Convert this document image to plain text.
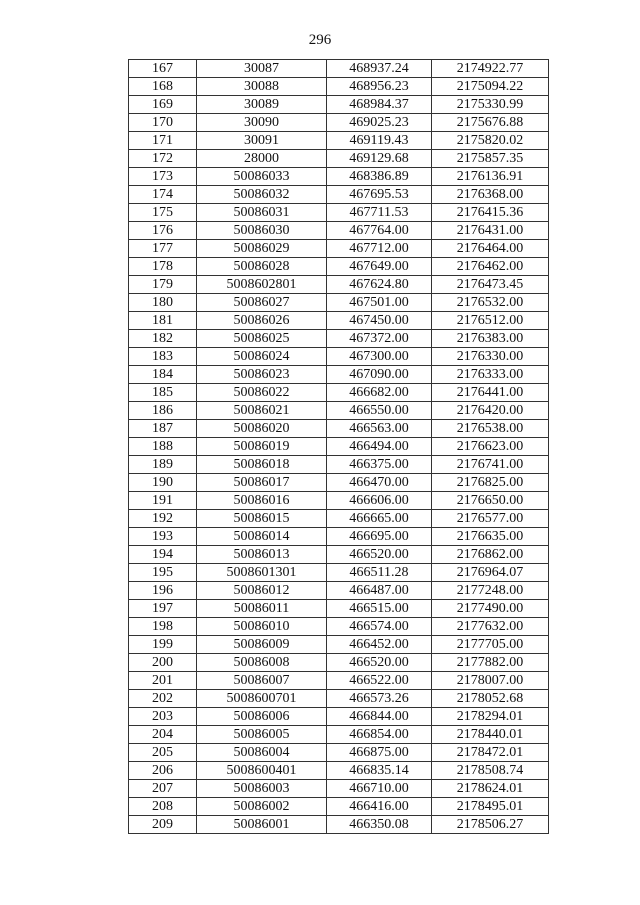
296
167	30087	468937.24	2174922.77
168	30088	468956.23	2175094.22
169	30089	468984.37	2175330.99
170	30090	469025.23	2175676.88
171	30091	469119.43	2175820.02
172	28000	469129.68	2175857.35
173	50086033	468386.89	2176136.91
174	50086032	467695.53	2176368.00
175	50086031	467711.53	2176415.36
176	50086030	467764.00	2176431.00
177	50086029	467712.00	2176464.00
178	50086028	467649.00	2176462.00
179	5008602801	467624.80	2176473.45
180	50086027	467501.00	2176532.00
181	50086026	467450.00	2176512.00
182	50086025	467372.00	2176383.00
183	50086024	467300.00	2176330.00
184	50086023	467090.00	2176333.00
185	50086022	466682.00	2176441.00
186	50086021	466550.00	2176420.00
187	50086020	466563.00	2176538.00
188	50086019	466494.00	2176623.00
189	50086018	466375.00	2176741.00
190	50086017	466470.00	2176825.00
191	50086016	466606.00	2176650.00
192	50086015	466665.00	2176577.00
193	50086014	466695.00	2176635.00
194	50086013	466520.00	2176862.00
195	5008601301	466511.28	2176964.07
196	50086012	466487.00	2177248.00
197	50086011	466515.00	2177490.00
198	50086010	466574.00	2177632.00
199	50086009	466452.00	2177705.00
200	50086008	466520.00	2177882.00
201	50086007	466522.00	2178007.00
202	5008600701	466573.26	2178052.68
203	50086006	466844.00	2178294.01
204	50086005	466854.00	2178440.01
205	50086004	466875.00	2178472.01
206	5008600401	466835.14	2178508.74
207	50086003	466710.00	2178624.01
208	50086002	466416.00	2178495.01
209	50086001	466350.08	2178506.27
